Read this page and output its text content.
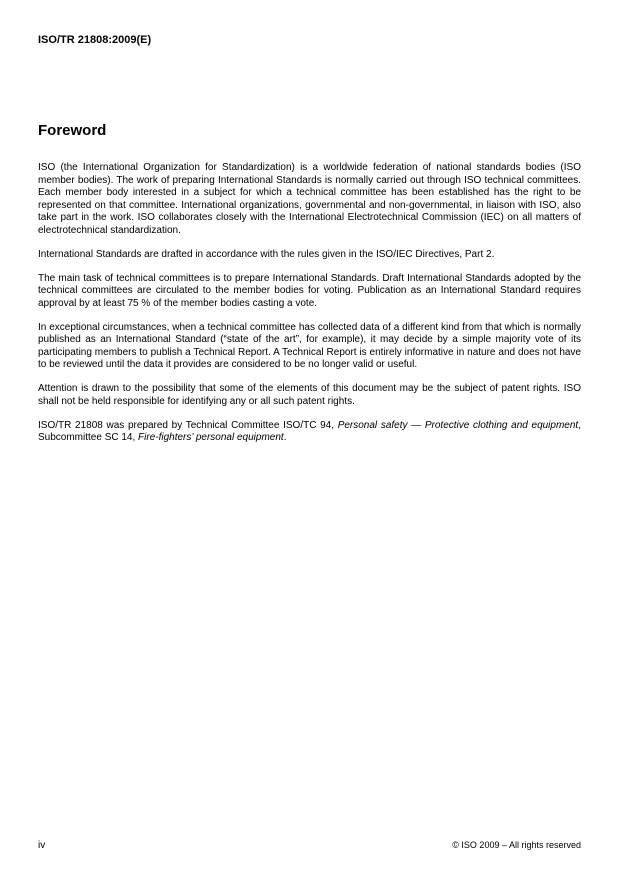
ISO/TR 21808:2009(E)
Foreword

ISO (the International Organization for Standardization) is a worldwide federation of national standards bodies (ISO member bodies). The work of preparing International Standards is normally carried out through ISO technical committees. Each member body interested in a subject for which a technical committee has been established has the right to be represented on that committee. International organizations, governmental and non-governmental, in liaison with ISO, also take part in the work. ISO collaborates closely with the International Electrotechnical Commission (IEC) on all matters of electrotechnical standardization.

International Standards are drafted in accordance with the rules given in the ISO/IEC Directives, Part 2.

The main task of technical committees is to prepare International Standards. Draft International Standards adopted by the technical committees are circulated to the member bodies for voting. Publication as an International Standard requires approval by at least 75 % of the member bodies casting a vote.

In exceptional circumstances, when a technical committee has collected data of a different kind from that which is normally published as an International Standard (“state of the art”, for example), it may decide by a simple majority vote of its participating members to publish a Technical Report. A Technical Report is entirely informative in nature and does not have to be reviewed until the data it provides are considered to be no longer valid or useful.

Attention is drawn to the possibility that some of the elements of this document may be the subject of patent rights. ISO shall not be held responsible for identifying any or all such patent rights.

ISO/TR 21808 was prepared by Technical Committee ISO/TC 94, Personal safety — Protective clothing and equipment, Subcommittee SC 14, Fire-fighters’ personal equipment.

iv	© ISO 2009 – All rights reserved
